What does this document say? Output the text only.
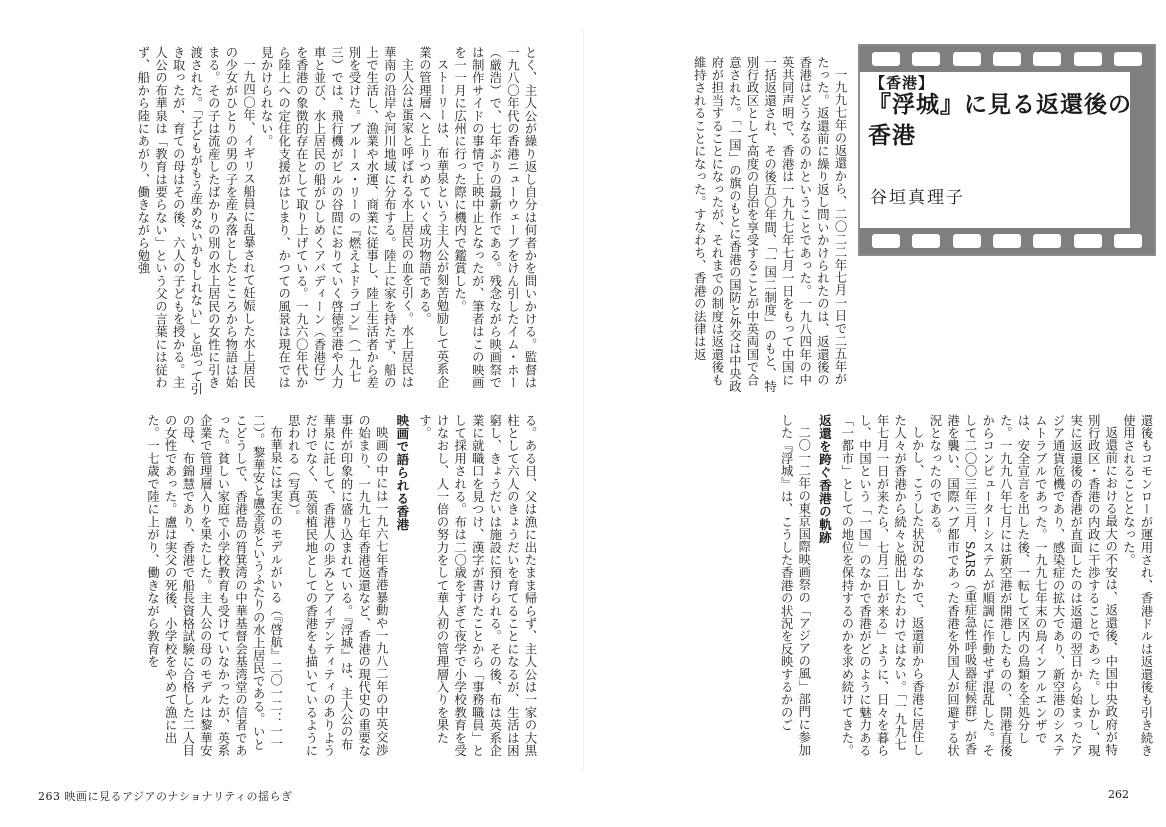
【香港】
『浮城』に見る返還後の香港
谷垣真理子

一九九七年の返還から、二〇二二年七月一日で二五年がたった。返還前に繰り返し問いかけられたのは、返還後の香港はどうなるのかということであった。一九八四年の中英共同声明で、香港は一九九七年七月一日をもって中国に一括返還され、その後五〇年間、「一国二制度」のもと、特別行政区として高度の自治を享受することが中英両国で合意された。「一国」の旗のもとに香港の国防と外交は中央政府が担当することになったが、それまでの制度は返還後も維持されることになった。すなわち、香港の法律は返

還後もコモンローが運用され、香港ドルは返還後も引き続き使用されることとなった。

返還前における最大の不安は、返還後、中国中央政府が特別行政区・香港の内政に干渉することであった。しかし、現実に返還後の香港が直面したのは返還の翌日から始まったアジア通貨危機であり、感染症の拡大であり、新空港のシステムトラブルであった。一九九七年末の鳥インフルエンザでは、安全宣言を出した後、一転して区内の鳥類を全処分した。一九九八年七月には新空港が開港したものの、開港直後からコンピューターシステムが順調に作動せず混乱した。そして二〇〇三年三月、SARS（重症急性呼吸器症候群）が香港を襲い、国際ハブ都市であった香港を外国人が回避する状況となったのである。

しかし、こうした状況のなかで、返還前から香港に居住した人々が香港から続々と脱出したわけではない。「一九九七年七月一日が来たら、七月二日が来る」ように、日々を暮らし、中国という「一国」のなかで香港がどのように魅力ある「一都市」としての地位を保持するのかを求め続けてきた。

返還を跨ぐ香港の軌跡

二〇一二年の東京国際映画祭の「アジアの風」部門に参加した『浮城』は、こうした香港の状況を反映するかのご

とく、主人公が繰り返し自分は何者かを問いかける。監督は一九八〇年代の香港ニューウェーブをけん引したイム・ホー（厳浩）で、七年ぶりの最新作である。残念ながら映画祭では制作サイドの事情で上映中止となったが、筆者はこの映画を一一月に広州に行った際に機内で鑑賞した。

ストーリーは、布華泉という主人公が刻苦勉励して英系企業の管理層へと上りつめていく成功物語である。

主人公は蛋家と呼ばれる水上居民の血を引く。水上居民は華南の沿岸や河川地域に分布する。陸上に家を持たず、船の上で生活し、漁業や水運、商業に従事し、陸上生活者から差別を受けた。ブルース・リーの『燃えよドラゴン』（一九七三）では、飛行機がビルの谷間におりていく啓徳空港や人力車と並び、水上居民の船がひしめくアバディーン（香港仔）を香港の象徴的存在として取り上げている。一九六〇年代から陸上への定住化支援がはじまり、かつての風景は現在では見かけられない。

一九四〇年、イギリス船員に乱暴されて妊娠した水上居民の少女がひとりの男の子を産み落としたところから物語は始まる。その子は流産したばかりの別の水上居民の女性に引き渡された。「子どもがもう産めないかもしれない」と思って引き取ったが、育ての母はその後、六人の子どもを授かる。主人公の布華泉は「教育は要らない」という父の言葉には従わず、船から陸にあがり、働きながら勉強

る。ある日、父は漁に出たまま帰らず、主人公は一家の大黒柱として六人のきょうだいを育てることになるが、生活は困窮し、きょうだいは施設に預けられる。その後、布は英系企業に就職口を見つけ、漢字が書けたことから「事務職員」として採用される。布は二〇歳をすぎて夜学で小学校教育を受けなおし、人一倍の努力をして華人初の管理層入りを果たす。

映画で語られる香港

映画の中には一九六七年香港暴動や一九八二年の中英交渉の始まり、一九九七年香港返還など、香港の現代史の重要な事件が印象的に盛り込まれている。『浮城』は、主人公の布華泉に託して、香港人の歩みとアイデンティティのありようだけでなく、英領植民地としての香港をも描いているように思われる（写真）。

布華泉には実在のモデルがいる（『啓航』二〇一二：一一二）。黎華安と盧金泉というふたりの水上居民である。いとこどうしで、香港島の筲箕湾の中華基督会基湾堂の信者であった。貧しい家庭で小学校教育も受けていなかったが、英系企業で管理層入りを果たした。主人公の母のモデルは黎華安の母、布錦慧であり、香港で船長資格試験に合格した二人目の女性であった。盧は実父の死後、小学校をやめて漁に出た。一七歳で陸に上がり、働きながら教育を

263 映画に見るアジアのナショナリティの揺らぎ	262
